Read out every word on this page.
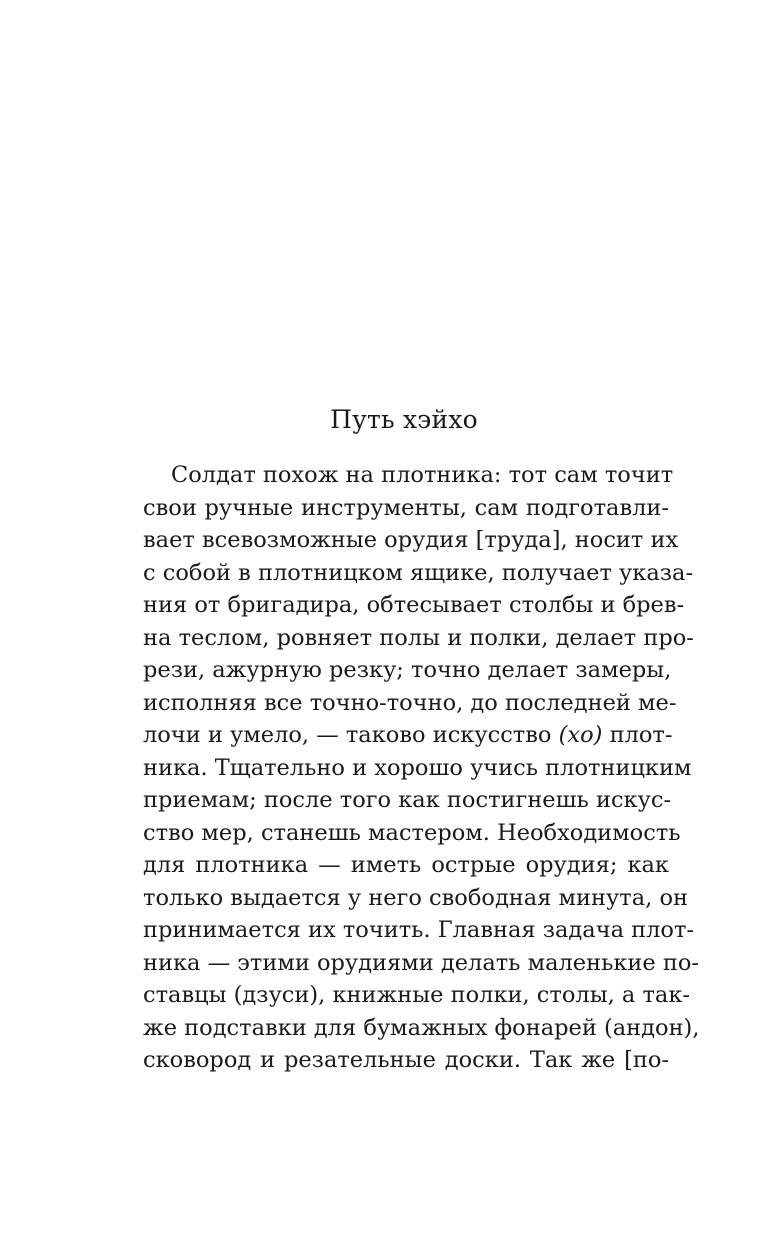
Путь хэйхо
Солдат похож на плотника: тот сам точит
свои ручные инструменты, сам подготавли-
вает всевозможные орудия [труда], носит их
с собой в плотницком ящике, получает указа-
ния от бригадира, обтесывает столбы и брев-
на теслом, ровняет полы и полки, делает про-
рези, ажурную резку; точно делает замеры,
исполняя все точно-точно, до последней ме-
лочи и умело, — таково искусство (хо) плот-
ника. Тщательно и хорошо учись плотницким
приемам; после того как постигнешь искус-
ство мер, станешь мастером. Необходимость
для плотника — иметь острые орудия; как
только выдается у него свободная минута, он
принимается их точить. Главная задача плот-
ника — этими орудиями делать маленькие по-
ставцы (дзуси), книжные полки, столы, а так-
же подставки для бумажных фонарей (андон),
сковород и резательные доски. Так же [по-
